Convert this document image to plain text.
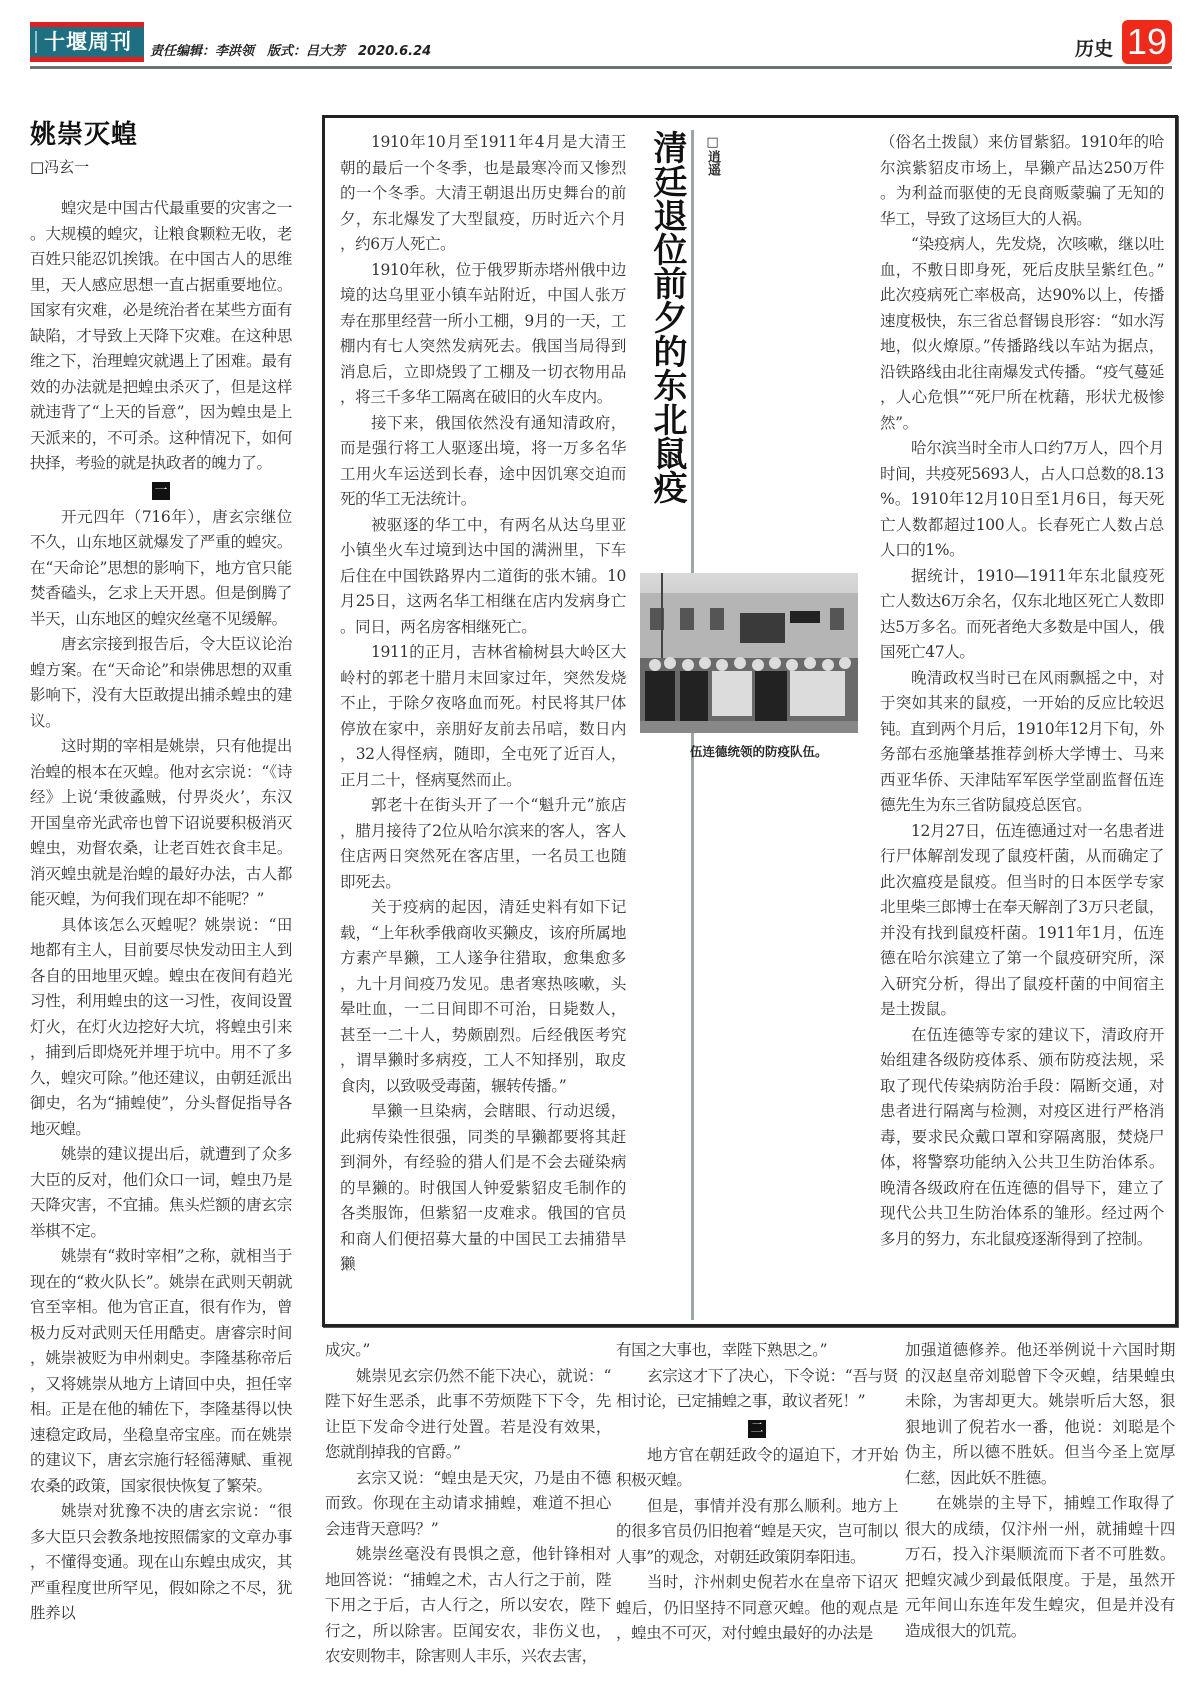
十堰周刊	责任编辑：李洪领　版式：吕大芳　2020.6.24	历史 19
姚崇灭蝗
□冯玄一

蝗灾是中国古代最重要的灾害之一。大规模的蝗灾，让粮食颗粒无收，老百姓只能忍饥挨饿。在中国古人的思维里，天人感应思想一直占据重要地位。国家有灾难，必是统治者在某些方面有缺陷，才导致上天降下灾难。在这种思维之下，治理蝗灾就遇上了困难。最有效的办法就是把蝗虫杀灭了，但是这样就违背了“上天的旨意”，因为蝗虫是上天派来的，不可杀。这种情况下，如何抉择，考验的就是执政者的魄力了。

一

开元四年（716年），唐玄宗继位不久，山东地区就爆发了严重的蝗灾。在“天命论”思想的影响下，地方官只能焚香磕头，乞求上天开恩。但是倒腾了半天，山东地区的蝗灾丝毫不见缓解。

唐玄宗接到报告后，令大臣议论治蝗方案。在“天命论”和崇佛思想的双重影响下，没有大臣敢提出捕杀蝗虫的建议。

这时期的宰相是姚崇，只有他提出治蝗的根本在灭蝗。他对玄宗说：“《诗经》上说‘秉彼蟊贼，付畀炎火’，东汉开国皇帝光武帝也曾下诏说要积极消灭蝗虫，劝督农桑，让老百姓衣食丰足。消灭蝗虫就是治蝗的最好办法，古人都能灭蝗，为何我们现在却不能呢？”

具体该怎么灭蝗呢？姚崇说：“田地都有主人，目前要尽快发动田主人到各自的田地里灭蝗。蝗虫在夜间有趋光习性，利用蝗虫的这一习性，夜间设置灯火，在灯火边挖好大坑，将蝗虫引来，捕到后即烧死并埋于坑中。用不了多久，蝗灾可除。”他还建议，由朝廷派出御史，名为“捕蝗使”，分头督促指导各地灭蝗。

姚崇的建议提出后，就遭到了众多大臣的反对，他们众口一词，蝗虫乃是天降灾害，不宜捕。焦头烂额的唐玄宗举棋不定。

姚崇有“救时宰相”之称，就相当于现在的“救火队长”。姚崇在武则天朝就官至宰相。他为官正直，很有作为，曾极力反对武则天任用酷吏。唐睿宗时间，姚崇被贬为申州刺史。李隆基称帝后，又将姚崇从地方上请回中央，担任宰相。正是在他的辅佐下，李隆基得以快速稳定政局，坐稳皇帝宝座。而在姚崇的建议下，唐玄宗施行轻徭薄赋、重视农桑的政策，国家很快恢复了繁荣。

姚崇对犹豫不决的唐玄宗说：“很多大臣只会教条地按照儒家的文章办事，不懂得变通。现在山东蝗虫成灾，其严重程度世所罕见，假如除之不尽，犹胜养以

1910年10月至1911年4月是大清王朝的最后一个冬季，也是最寒冷而又惨烈的一个冬季。大清王朝退出历史舞台的前夕，东北爆发了大型鼠疫，历时近六个月，约6万人死亡。

1910年秋，位于俄罗斯赤塔州俄中边境的达乌里亚小镇车站附近，中国人张万寿在那里经营一所小工棚，9月的一天，工棚内有七人突然发病死去。俄国当局得到消息后，立即烧毁了工棚及一切衣物用品，将三千多华工隔离在破旧的火车皮内。

接下来，俄国依然没有通知清政府，而是强行将工人驱逐出境，将一万多名华工用火车运送到长春，途中因饥寒交迫而死的华工无法统计。

被驱逐的华工中，有两名从达乌里亚小镇坐火车过境到达中国的满洲里，下车后住在中国铁路界内二道街的张木铺。10月25日，这两名华工相继在店内发病身亡。同日，两名房客相继死亡。

1911的正月，吉林省榆树县大岭区大岭村的郭老十腊月末回家过年，突然发烧不止，于除夕夜咯血而死。村民将其尸体停放在家中，亲朋好友前去吊唁，数日内，32人得怪病，随即，全屯死了近百人，正月二十，怪病戛然而止。

郭老十在街头开了一个“魁升元”旅店，腊月接待了2位从哈尔滨来的客人，客人住店两日突然死在客店里，一名员工也随即死去。

关于疫病的起因，清廷史料有如下记载，“上年秋季俄商收买獭皮，该府所属地方素产旱獭，工人遂争往猎取，愈集愈多，九十月间疫乃发见。患者寒热咳嗽，头晕吐血，一二日间即不可治，日毙数人，甚至一二十人，势颇剧烈。后经俄医考究，谓旱獭时多病疫，工人不知择别，取皮食肉，以致吸受毒菌，辗转传播。”

旱獭一旦染病，会瞎眼、行动迟缓，此病传染性很强，同类的旱獭都要将其赶到洞外，有经验的猎人们是不会去碰染病的旱獭的。时俄国人钟爱紫貂皮毛制作的各类服饰，但紫貂一皮难求。俄国的官员和商人们便招募大量的中国民工去捕猎旱獭

清廷退位前夕的东北鼠疫 □逍遥
伍连德统领的防疫队伍。

（俗名土拨鼠）来仿冒紫貂。1910年的哈尔滨紫貂皮市场上，旱獭产品达250万件。为利益而驱使的无良商贩蒙骗了无知的华工，导致了这场巨大的人祸。

“染疫病人，先发烧，次咳嗽，继以吐血，不敷日即身死，死后皮肤呈紫红色。”此次疫病死亡率极高，达90%以上，传播速度极快，东三省总督锡良形容：“如水泻地，似火燎原。”传播路线以车站为据点，沿铁路线由北往南爆发式传播。“疫气蔓延，人心危惧”“死尸所在枕藉，形状尤极惨然”。

哈尔滨当时全市人口约7万人，四个月时间，共疫死5693人，占人口总数的8.13%。1910年12月10日至1月6日，每天死亡人数都超过100人。长春死亡人数占总人口的1%。

据统计，1910—1911年东北鼠疫死亡人数达6万余名，仅东北地区死亡人数即达5万多名。而死者绝大多数是中国人，俄国死亡47人。

晚清政权当时已在风雨飘摇之中，对于突如其来的鼠疫，一开始的反应比较迟钝。直到两个月后，1910年12月下旬，外务部右丞施肇基推荐剑桥大学博士、马来西亚华侨、天津陆军军医学堂副监督伍连德先生为东三省防鼠疫总医官。

12月27日，伍连德通过对一名患者进行尸体解剖发现了鼠疫杆菌，从而确定了此次瘟疫是鼠疫。但当时的日本医学专家北里柴三郎博士在奉天解剖了3万只老鼠，并没有找到鼠疫杆菌。1911年1月，伍连德在哈尔滨建立了第一个鼠疫研究所，深入研究分析，得出了鼠疫杆菌的中间宿主是土拨鼠。

在伍连德等专家的建议下，清政府开始组建各级防疫体系、颁布防疫法规，采取了现代传染病防治手段：隔断交通，对患者进行隔离与检测，对疫区进行严格消毒，要求民众戴口罩和穿隔离服，焚烧尸体，将警察功能纳入公共卫生防治体系。晚清各级政府在伍连德的倡导下，建立了现代公共卫生防治体系的雏形。经过两个多月的努力，东北鼠疫逐渐得到了控制。

成灾。”

姚崇见玄宗仍然不能下决心，就说：“陛下好生恶杀，此事不劳烦陛下下令，先让臣下发命令进行处置。若是没有效果，您就削掉我的官爵。”

玄宗又说：“蝗虫是天灾，乃是由不德而致。你现在主动请求捕蝗，难道不担心会违背天意吗？”

姚崇丝毫没有畏惧之意，他针锋相对地回答说：“捕蝗之术，古人行之于前，陛下用之于后，古人行之，所以安农，陛下行之，所以除害。臣闻安农，非伤义也，农安则物丰，除害则人丰乐，兴农去害，

有国之大事也，幸陛下熟思之。”

玄宗这才下了决心，下令说：“吾与贤相讨论，已定捕蝗之事，敢议者死！”

二

地方官在朝廷政令的逼迫下，才开始积极灭蝗。

但是，事情并没有那么顺利。地方上的很多官员仍旧抱着“蝗是天灾，岂可制以人事”的观念，对朝廷政策阴奉阳违。

当时，汴州刺史倪若水在皇帝下诏灭蝗后，仍旧坚持不同意灭蝗。他的观点是，蝗虫不可灭，对付蝗虫最好的办法是

加强道德修养。他还举例说十六国时期的汉赵皇帝刘聪曾下令灭蝗，结果蝗虫未除，为害却更大。姚崇听后大怒，狠狠地训了倪若水一番，他说：刘聪是个伪主，所以德不胜妖。但当今圣上宽厚仁慈，因此妖不胜德。

在姚崇的主导下，捕蝗工作取得了很大的成绩，仅汴州一州，就捕蝗十四万石，投入汴渠顺流而下者不可胜数。把蝗灾减少到最低限度。于是，虽然开元年间山东连年发生蝗灾，但是并没有造成很大的饥荒。
